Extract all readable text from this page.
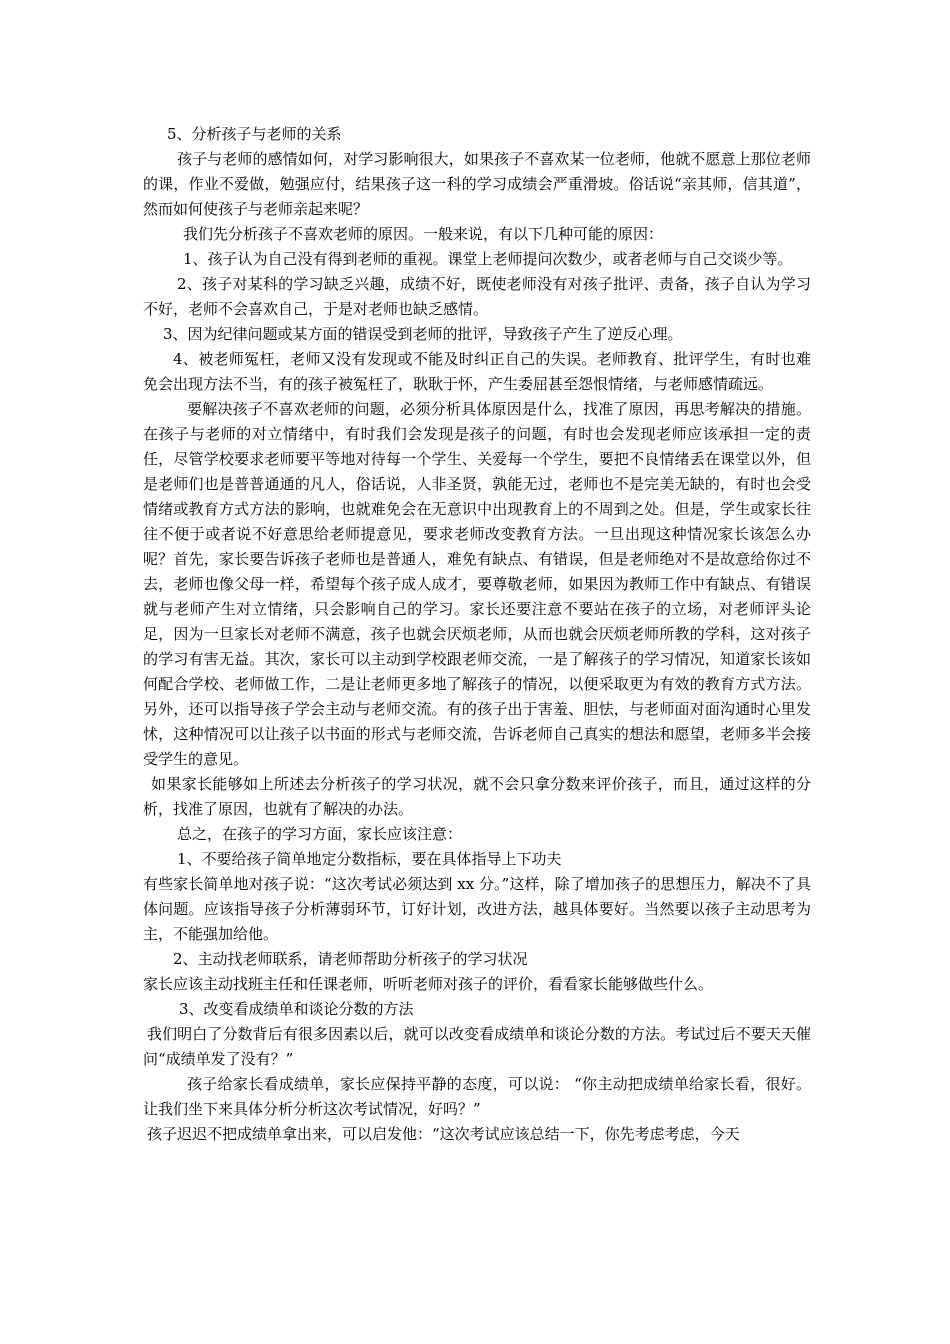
5、分析孩子与老师的关系

孩子与老师的感情如何，对学习影响很大，如果孩子不喜欢某一位老师，他就不愿意上那位老师的课，作业不爱做，勉强应付，结果孩子这一科的学习成绩会严重滑坡。俗话说“亲其师，信其道”，然而如何使孩子与老师亲起来呢？

我们先分析孩子不喜欢老师的原因。一般来说，有以下几种可能的原因：

1、孩子认为自己没有得到老师的重视。课堂上老师提问次数少，或者老师与自己交谈少等。

2、孩子对某科的学习缺乏兴趣，成绩不好，既使老师没有对孩子批评、责备，孩子自认为学习不好，老师不会喜欢自己，于是对老师也缺乏感情。

3、因为纪律问题或某方面的错误受到老师的批评，导致孩子产生了逆反心理。

4、被老师冤枉，老师又没有发现或不能及时纠正自己的失误。老师教育、批评学生，有时也难免会出现方法不当，有的孩子被冤枉了，耿耿于怀，产生委屈甚至怨恨情绪，与老师感情疏远。

要解决孩子不喜欢老师的问题，必须分析具体原因是什么，找准了原因，再思考解决的措施。在孩子与老师的对立情绪中，有时我们会发现是孩子的问题，有时也会发现老师应该承担一定的责任，尽管学校要求老师要平等地对待每一个学生、关爱每一个学生，要把不良情绪丢在课堂以外，但是老师们也是普普通通的凡人，俗话说，人非圣贤，孰能无过，老师也不是完美无缺的，有时也会受情绪或教育方式方法的影响，也就难免会在无意识中出现教育上的不周到之处。但是，学生或家长往往不便于或者说不好意思给老师提意见，要求老师改变教育方法。一旦出现这种情况家长该怎么办呢？首先，家长要告诉孩子老师也是普通人，难免有缺点、有错误，但是老师绝对不是故意给你过不去，老师也像父母一样，希望每个孩子成人成才，要尊敬老师，如果因为教师工作中有缺点、有错误就与老师产生对立情绪，只会影响自己的学习。家长还要注意不要站在孩子的立场，对老师评头论足，因为一旦家长对老师不满意，孩子也就会厌烦老师，从而也就会厌烦老师所教的学科，这对孩子的学习有害无益。其次，家长可以主动到学校跟老师交流，一是了解孩子的学习情况，知道家长该如何配合学校、老师做工作，二是让老师更多地了解孩子的情况，以便采取更为有效的教育方式方法。另外，还可以指导孩子学会主动与老师交流。有的孩子出于害羞、胆怯，与老师面对面沟通时心里发怵，这种情况可以让孩子以书面的形式与老师交流，告诉老师自己真实的想法和愿望，老师多半会接受学生的意见。

如果家长能够如上所述去分析孩子的学习状况，就不会只拿分数来评价孩子，而且，通过这样的分析，找准了原因，也就有了解决的办法。

总之，在孩子的学习方面，家长应该注意：

1、不要给孩子简单地定分数指标，要在具体指导上下功夫

有些家长简单地对孩子说：“这次考试必须达到 xx 分。”这样，除了增加孩子的思想压力，解决不了具体问题。应该指导孩子分析薄弱环节，订好计划，改进方法，越具体要好。当然要以孩子主动思考为主，不能强加给他。

2、主动找老师联系，请老师帮助分析孩子的学习状况

家长应该主动找班主任和任课老师，听听老师对孩子的评价，看看家长能够做些什么。

3、改变看成绩单和谈论分数的方法

我们明白了分数背后有很多因素以后，就可以改变看成绩单和谈论分数的方法。考试过后不要天天催问“成绩单发了没有？”

孩子给家长看成绩单，家长应保持平静的态度，可以说： “你主动把成绩单给家长看，很好。让我们坐下来具体分析分析这次考试情况，好吗？”

孩子迟迟不把成绩单拿出来，可以启发他：“这次考试应该总结一下，你先考虑考虑，今天
